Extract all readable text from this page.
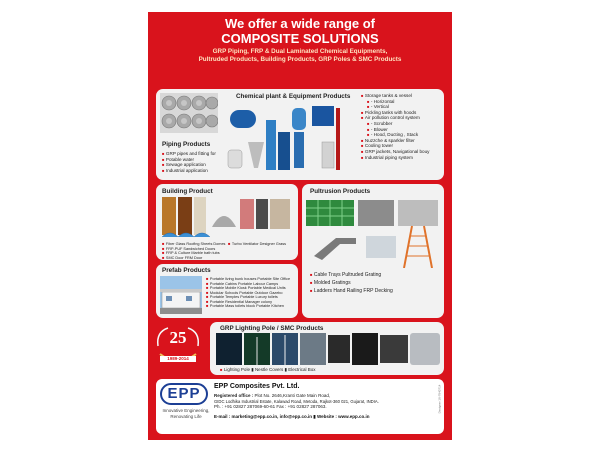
We offer a wide range of
COMPOSITE SOLUTIONS
GRP Piping, FRP & Dual Laminated Chemical Equipments,
Pultruded Products, Building Products, GRP Poles & SMC Products
Piping Products
■ GRP pipes and fitting for
■ Potable water
■ Sewage application
■ Industrial application
Chemical plant & Equipment Products
■	Storage tanks & vessel
■ - Horizontal
■ - Vertical
■ Pickling tanks with hoods
■ Air pollution control system
■ - Scrubber
■ - Blower
■ - Hood, Ducting , Stack
■ Nuzzche & sparkler filter
■ Cooling tower
■ GRP jackets, Navigational bouy
■ Industrial piping system
Building Product
■ Fiber Glass Roofing Sheets Domes
■ FRP-PUF Sandwiched Doors
■ FRP & Culture Marble bath tubs
■ SMC Door FRM Door
■ Turbo Ventilator Designer Grass
Prefab Products
■ Portable living bunk houses Portable Site Office
■ Portable Cabins Portable Labour Camps
■ Portable Mobile Kiosk Portable Medical Units
■ Modular Schools Portable Outdoor Gazebo
■ Portable Temples Portable Luxury toilets
■ Portable Residential Manager colony
■ Portable Mass toilets block Portable Kitchen
Pultrusion Products
■ Cable Trays Pultruded Grating
■ Molded Gratings
■ Ladders Hand Railing FRP Decking
25
1989-2014
GRP Lighting Pole / SMC Products
■ Lighting Pole ▮ Nestle Covers ▮ Electrical Box
EPP
Innovative Engineering,
Renovating Life
EPP Composites Pvt. Ltd.
Registered office : Plot No. 2646,Kranti Gate Main Road,
GIDC Lodhika Industrial Estate, Kalawad Road, Metoda, Rajkot-360 021, Gujarat, INDIA.
Ph. : +91 02827 287069-60-61 Fax : +91 02827 287063.
E-mail : marketing@epp.co.in, info@epp.co.in ▮ Website : www.epp.co.in
Designer 18-7840714
